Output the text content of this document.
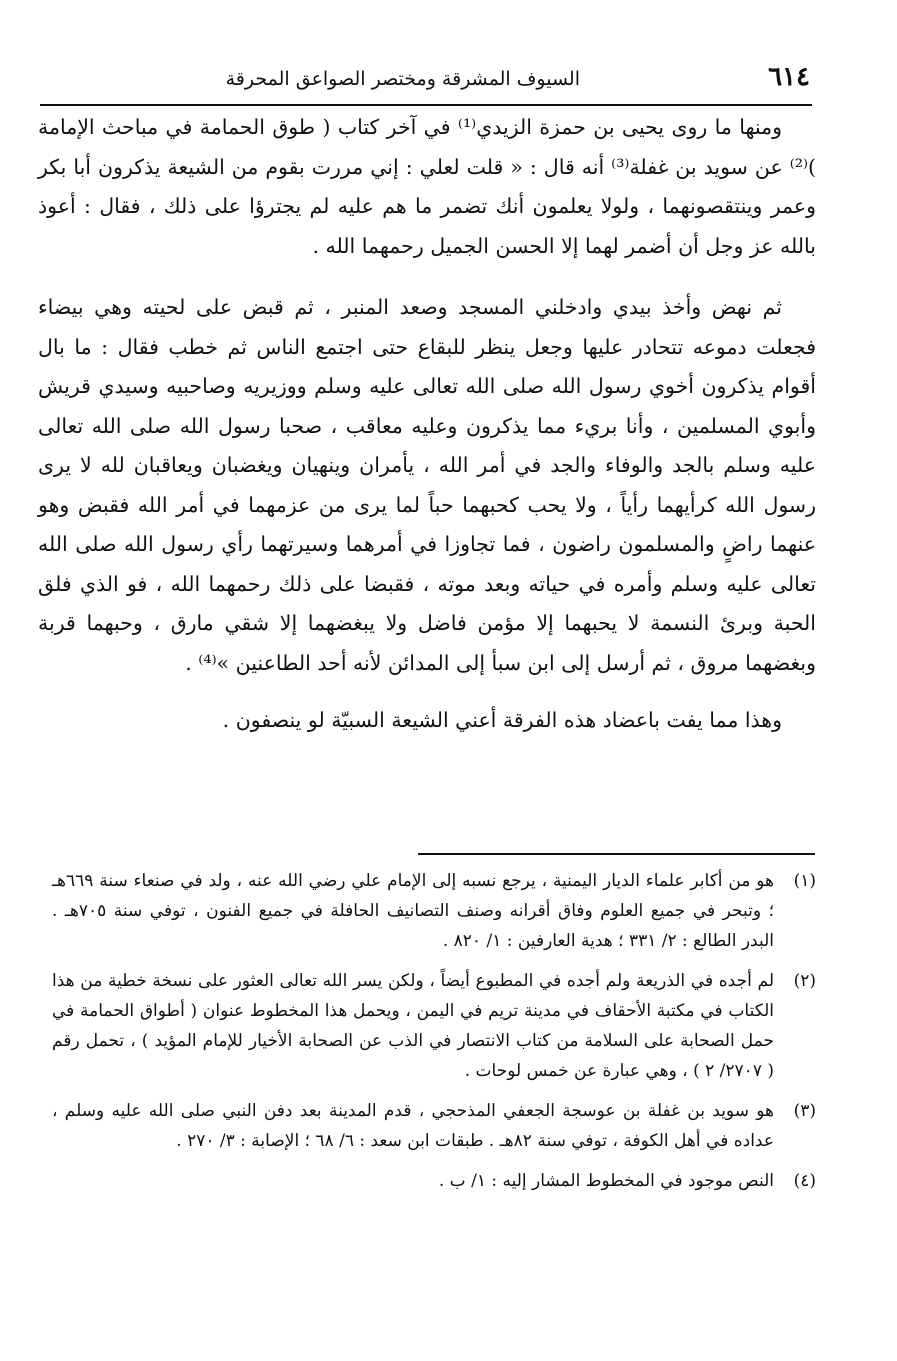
٦١٤
السيوف المشرقة ومختصر الصواعق المحرقة

ومنها ما روى يحيى بن حمزة الزيدي⁽¹⁾ في آخر كتاب ( طوق الحمامة في مباحث الإمامة )⁽²⁾ عن سويد بن غفلة⁽³⁾ أنه قال : « قلت لعلي : إني مررت بقوم من الشيعة يذكرون أبا بكر وعمر وينتقصونهما ، ولولا يعلمون أنك تضمر ما هم عليه لم يجترؤا على ذلك ، فقال : أعوذ بالله عز وجل أن أضمر لهما إلا الحسن الجميل رحمهما الله .

ثم نهض وأخذ بيدي وادخلني المسجد وصعد المنبر ، ثم قبض على لحيته وهي بيضاء فجعلت دموعه تتحادر عليها وجعل ينظر للبقاع حتى اجتمع الناس ثم خطب فقال : ما بال أقوام يذكرون أخوي رسول الله صلى الله تعالى عليه وسلم ووزيريه وصاحبيه وسيدي قريش وأبوي المسلمين ، وأنا بريء مما يذكرون وعليه معاقب ، صحبا رسول الله صلى الله تعالى عليه وسلم بالجد والوفاء والجد في أمر الله ، يأمران وينهيان ويغضبان ويعاقبان لله لا يرى رسول الله كرأيهما رأياً ، ولا يحب كحبهما حباً لما يرى من عزمهما في أمر الله فقبض وهو عنهما راضٍ والمسلمون راضون ، فما تجاوزا في أمرهما وسيرتهما رأي رسول الله صلى الله تعالى عليه وسلم وأمره في حياته وبعد موته ، فقبضا على ذلك رحمهما الله ، فو الذي فلق الحبة وبرئ النسمة لا يحبهما إلا مؤمن فاضل ولا يبغضهما إلا شقي مارق ، وحبهما قربة وبغضهما مروق ، ثم أرسل إلى ابن سبأ إلى المدائن لأنه أحد الطاعنين »⁽⁴⁾ .

وهذا مما يفت باعضاد هذه الفرقة أعني الشيعة السبيّة لو ينصفون .

(١)
هو من أكابر علماء الديار اليمنية ، يرجع نسبه إلى الإمام علي رضي الله عنه ، ولد في صنعاء سنة ٦٦٩هـ ؛ وتبحر في جميع العلوم وفاق أقرانه وصنف التصانيف الحافلة في جميع الفنون ، توفي سنة ٧٠٥هـ . البدر الطالع : ٢/ ٣٣١ ؛ هدية العارفين : ١/ ٨٢٠ .
(٢)
لم أجده في الذريعة ولم أجده في المطبوع أيضاً ، ولكن يسر الله تعالى العثور على نسخة خطية من هذا الكتاب في مكتبة الأحقاف في مدينة تريم في اليمن ، ويحمل هذا المخطوط عنوان ( أطواق الحمامة في حمل الصحابة على السلامة من كتاب الانتصار في الذب عن الصحابة الأخيار للإمام المؤيد ) ، تحمل رقم ( ٢٧٠٧/ ٢ ) ، وهي عبارة عن خمس لوحات .
(٣)
هو سويد بن غفلة بن عوسجة الجعفي المذحجي ، قدم المدينة بعد دفن النبي صلى الله عليه وسلم ، عداده في أهل الكوفة ، توفي سنة ٨٢هـ . طبقات ابن سعد : ٦/ ٦٨ ؛ الإصابة : ٣/ ٢٧٠ .
(٤)
النص موجود في المخطوط المشار إليه : ١/ ب .
